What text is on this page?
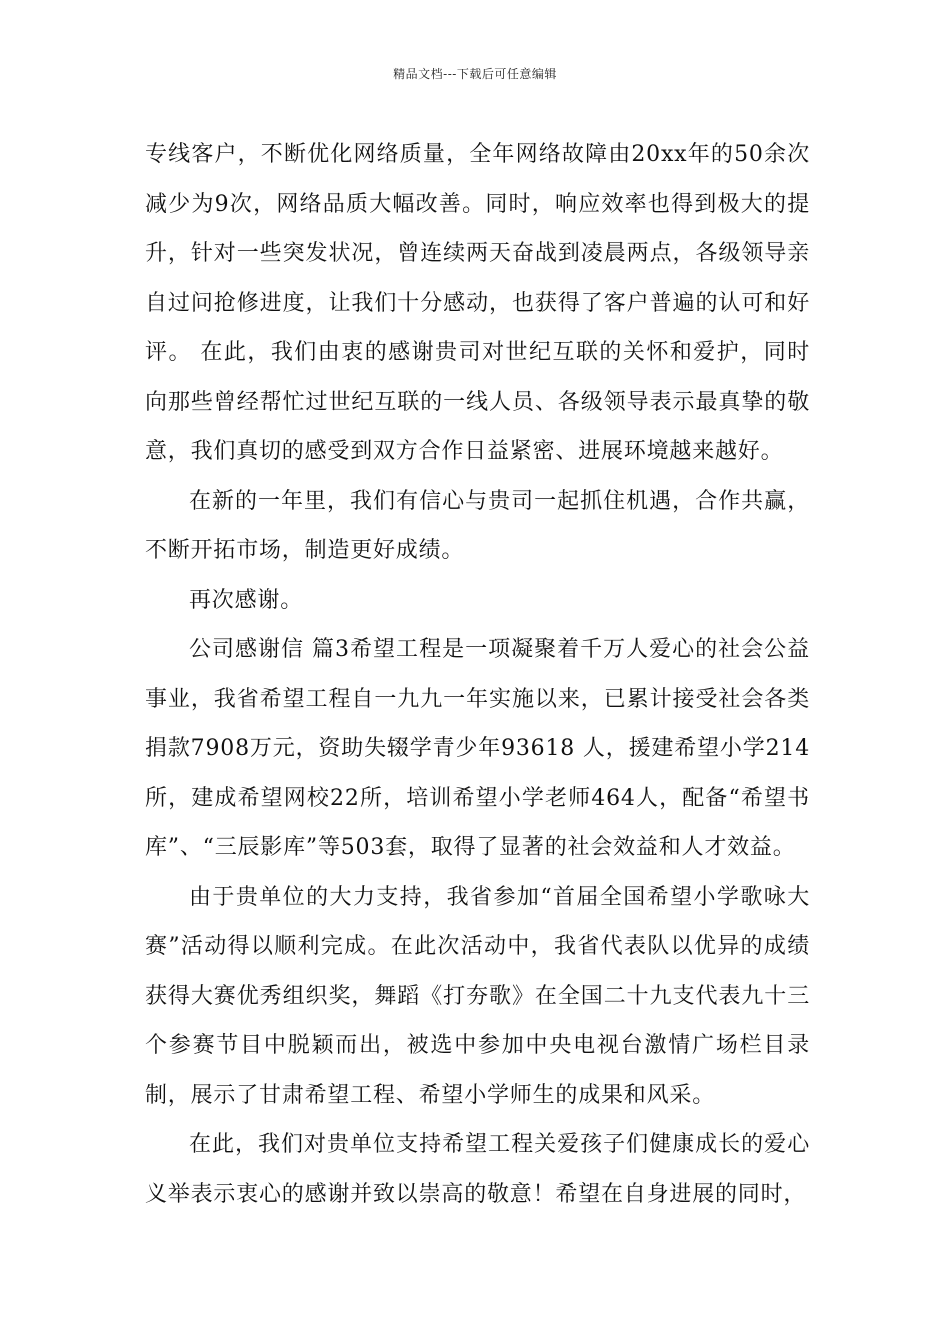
精品文档---下载后可任意编辑

专线客户，不断优化网络质量，全年网络故障由20xx年的50余次减少为9次，网络品质大幅改善。同时，响应效率也得到极大的提升，针对一些突发状况，曾连续两天奋战到凌晨两点，各级领导亲自过问抢修进度，让我们十分感动，也获得了客户普遍的认可和好评。 在此，我们由衷的感谢贵司对世纪互联的关怀和爱护，同时向那些曾经帮忙过世纪互联的一线人员、各级领导表示最真挚的敬意，我们真切的感受到双方合作日益紧密、进展环境越来越好。

在新的一年里，我们有信心与贵司一起抓住机遇，合作共赢，不断开拓市场，制造更好成绩。

再次感谢。

公司感谢信 篇3希望工程是一项凝聚着千万人爱心的社会公益事业，我省希望工程自一九九一年实施以来，已累计接受社会各类捐款7908万元，资助失辍学青少年93618 人，援建希望小学214所，建成希望网校22所，培训希望小学老师464人，配备“希望书库”、“三辰影库”等503套，取得了显著的社会效益和人才效益。

由于贵单位的大力支持，我省参加“首届全国希望小学歌咏大赛”活动得以顺利完成。在此次活动中，我省代表队以优异的成绩获得大赛优秀组织奖，舞蹈《打夯歌》在全国二十九支代表九十三个参赛节目中脱颖而出，被选中参加中央电视台激情广场栏目录制，展示了甘肃希望工程、希望小学师生的成果和风采。

在此，我们对贵单位支持希望工程关爱孩子们健康成长的爱心义举表示衷心的感谢并致以崇高的敬意！希望在自身进展的同时，
